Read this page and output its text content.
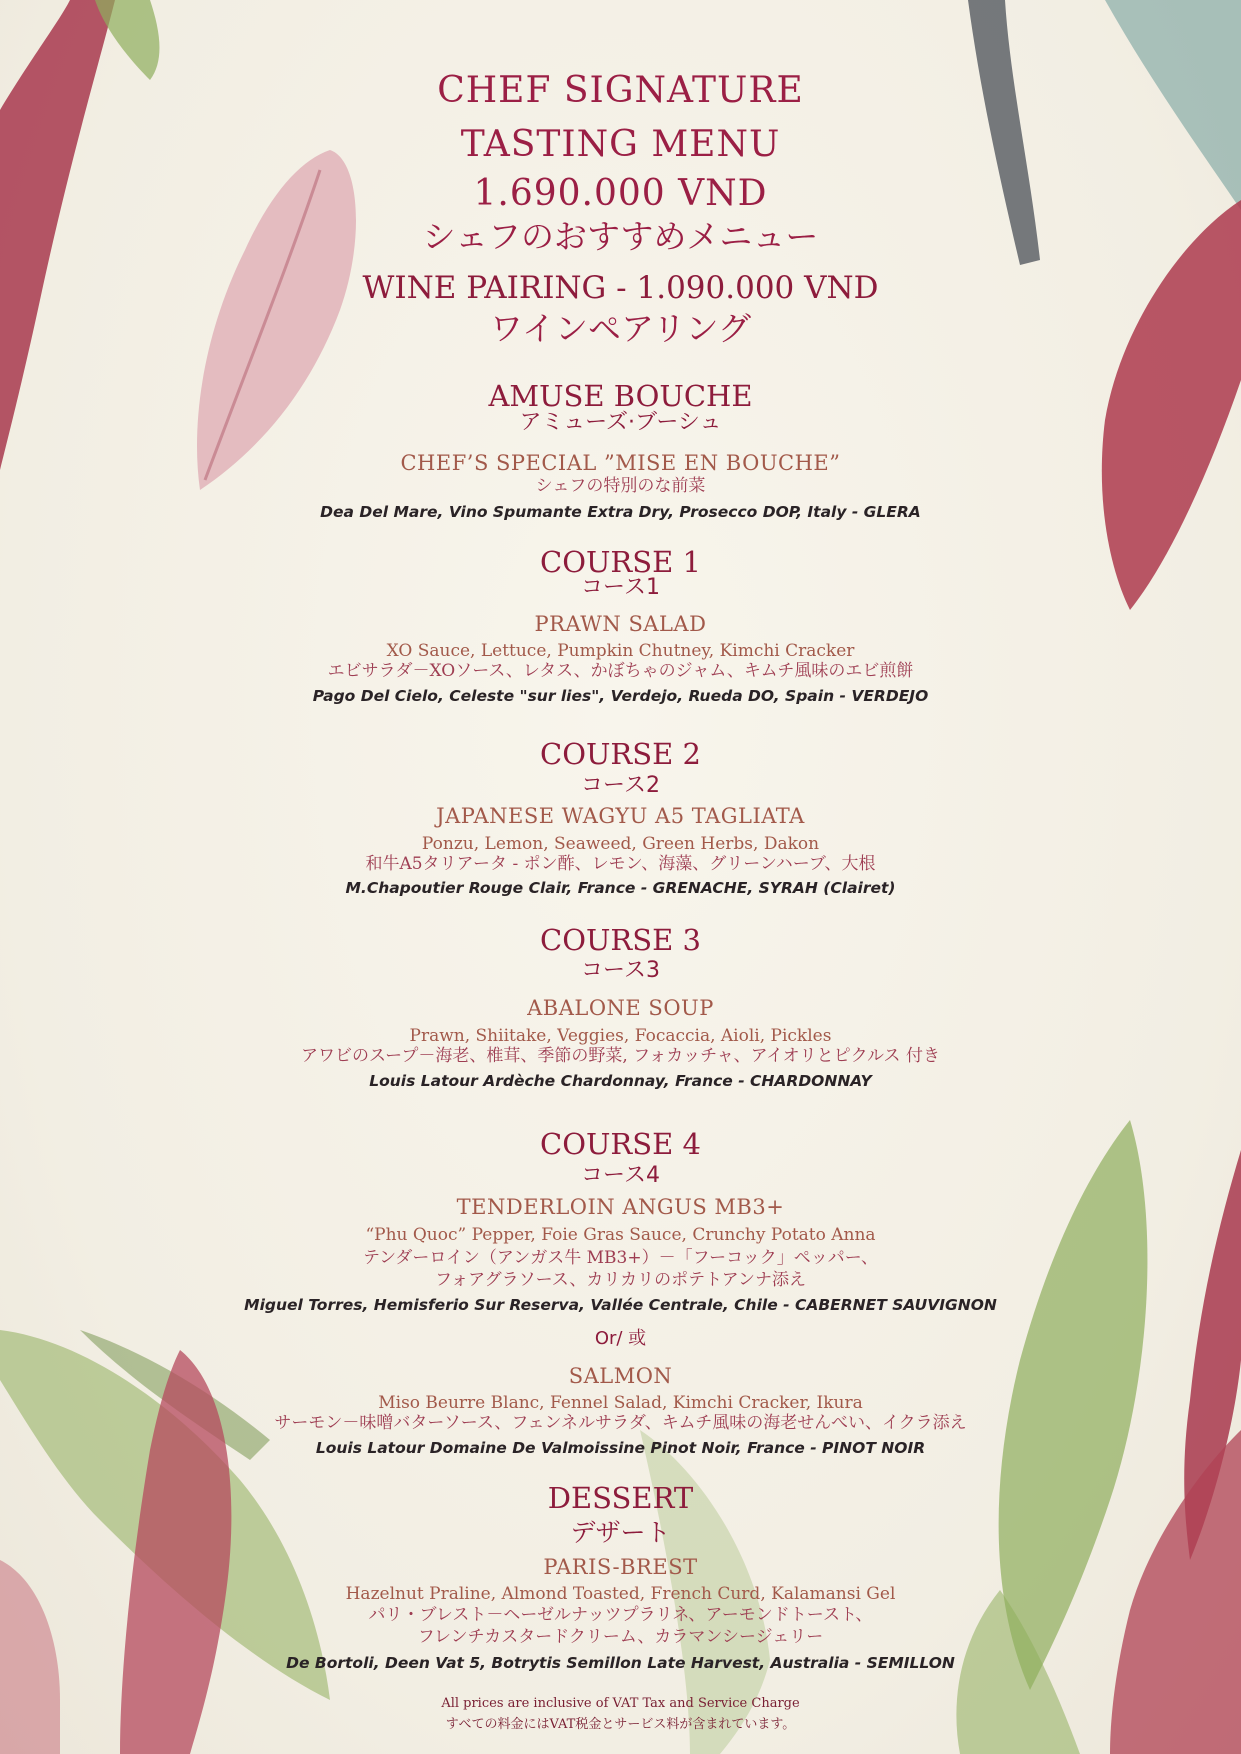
CHEF SIGNATURE
TASTING MENU
1.690.000 VND
シェフのおすすめメニュー
WINE PAIRING - 1.090.000 VND
ワインペアリング
AMUSE BOUCHE
アミューズ·ブーシュ
CHEF’S SPECIAL ”MISE EN BOUCHE”
シェフの特別のな前菜
Dea Del Mare, Vino Spumante Extra Dry, Prosecco DOP, Italy - GLERA
COURSE 1
コース1
PRAWN SALAD
XO Sauce, Lettuce, Pumpkin Chutney, Kimchi Cracker
エビサラダ－XOソース、レタス、かぼちゃのジャム、キムチ風味のエビ煎餅
Pago Del Cielo, Celeste "sur lies", Verdejo, Rueda DO, Spain - VERDEJO
COURSE 2
コース2
JAPANESE WAGYU A5 TAGLIATA
Ponzu, Lemon, Seaweed, Green Herbs, Dakon
和牛A5タリアータ - ポン酢、レモン、海藻、グリーンハーブ、大根
M.Chapoutier Rouge Clair, France - GRENACHE, SYRAH (Clairet)
COURSE 3
コース3
ABALONE SOUP
Prawn, Shiitake, Veggies, Focaccia, Aioli, Pickles
アワビのスープ－海老、椎茸、季節の野菜, フォカッチャ、アイオリとピクルス 付き
Louis Latour Ardèche Chardonnay, France - CHARDONNAY
COURSE 4
コース4
TENDERLOIN ANGUS MB3+
“Phu Quoc” Pepper, Foie Gras Sauce, Crunchy Potato Anna
テンダーロイン（アンガス牛 MB3+）－「フーコック」ペッパー、
フォアグラソース、カリカリのポテトアンナ添え
Miguel Torres, Hemisferio Sur Reserva, Vallée Centrale, Chile - CABERNET SAUVIGNON
Or/ 或
SALMON
Miso Beurre Blanc, Fennel Salad, Kimchi Cracker, Ikura
サーモン－味噌バターソース、フェンネルサラダ、キムチ風味の海老せんべい、イクラ添え
Louis Latour Domaine De Valmoissine Pinot Noir, France - PINOT NOIR
DESSERT
デザート
PARIS-BREST
Hazelnut Praline, Almond Toasted, French Curd, Kalamansi Gel
パリ・ブレスト－ヘーゼルナッツプラリネ、アーモンドトースト、
フレンチカスタードクリーム、カラマンシージェリー
De Bortoli, Deen Vat 5, Botrytis Semillon Late Harvest, Australia - SEMILLON
All prices are inclusive of VAT Tax and Service Charge
すべての料金にはVAT税金とサービス料が含まれています。
